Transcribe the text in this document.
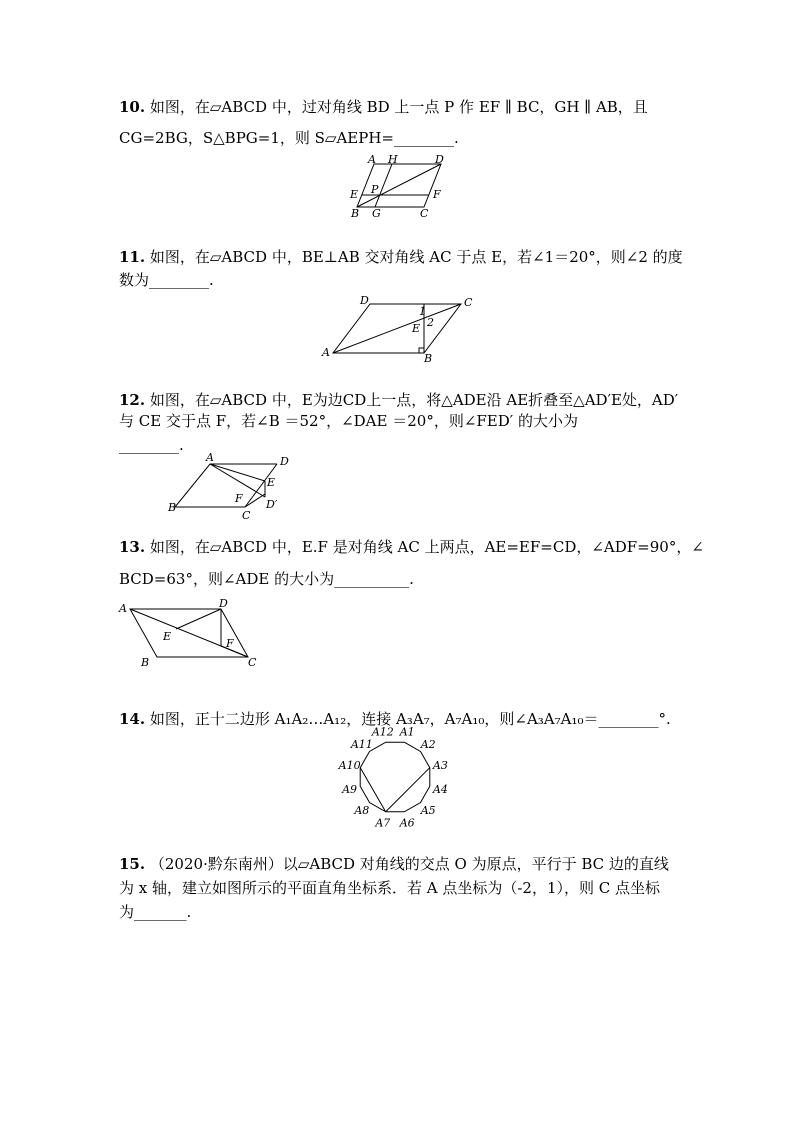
10. 如图，在▱ABCD 中，过对角线 BD 上一点 P 作 EF ∥ BC，GH ∥ AB，且
CG=2BG，S△BPG=1，则 S▱AEPH=________.
A H	D
E P	F
B G	C
11. 如图，在▱ABCD 中，BE⊥AB 交对角线 AC 于点 E，若∠1＝20°，则∠2 的度
数为________.
D	C
1
2
E
A	B
12. 如图，在▱ABCD 中，E为边CD上一点，将△ADE沿 AE折叠至△AD′E处，AD′
与 CE 交于点 F，若∠B ＝52°，∠DAE ＝20°，则∠FED′ 的大小为
________.
A	D
E
B
F D′
C
13. 如图，在▱ABCD 中，E.F 是对角线 AC 上两点，AE=EF=CD，∠ADF=90°，∠
BCD=63°，则∠ADE 的大小为__________.
A	D
E
F
B	C
14. 如图，正十二边形 A₁A₂…A₁₂，连接 A₃A₇，A₇A₁₀，则∠A₃A₇A₁₀＝________°.
A1
A2
A3
A4
A5
A6
A7
A8
A9
A10
A11
A12
15. （2020·黔东南州）以▱ABCD 对角线的交点 O 为原点，平行于 BC 边的直线
为 x 轴，建立如图所示的平面直角坐标系．若 A 点坐标为（-2，1），则 C 点坐标
为_______.
